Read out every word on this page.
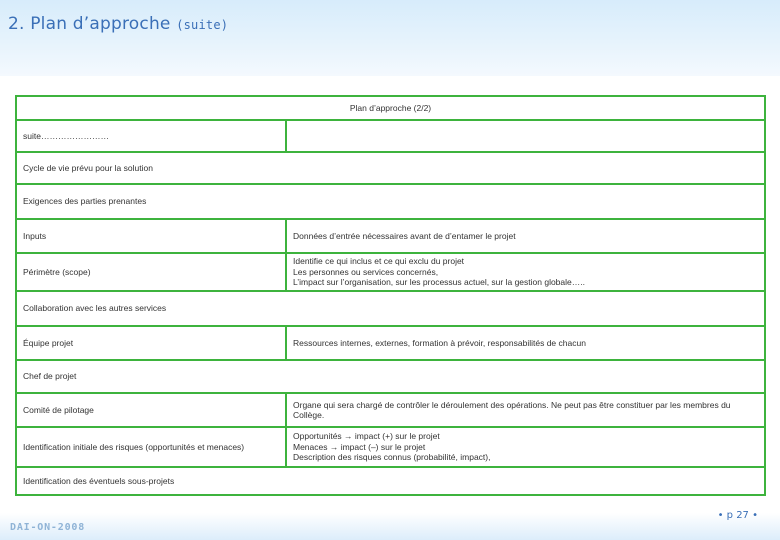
2. Plan d’approche (suite)
Plan d’approche (2/2)	
suite……………………	
Cycle de vie prévu pour la solution	
Exigences des parties prenantes	
Inputs	Données d’entrée nécessaires avant de d’entamer le projet

Périmètre (scope)	Identifie ce qui inclus et ce qui exclu du projet
Les personnes ou services concernés,
L’impact sur l’organisation, sur les processus actuel, sur la gestion globale…..

Collaboration avec les autres services	
Équipe projet	Ressources internes, externes, formation à prévoir, responsabilités de chacun

Chef de projet	
Comité de pilotage	Organe qui sera chargé de contrôler le déroulement des opérations. Ne peut pas être constituer par les membres du Collège.

Identification initiale des risques (opportunités et menaces)	Opportunités → impact (+) sur le projet
Menaces → impact (–) sur le projet
Description des risques connus (probabilité, impact),

Identification des éventuels sous-projets	
DAI-ON-2008
• p 27 •
